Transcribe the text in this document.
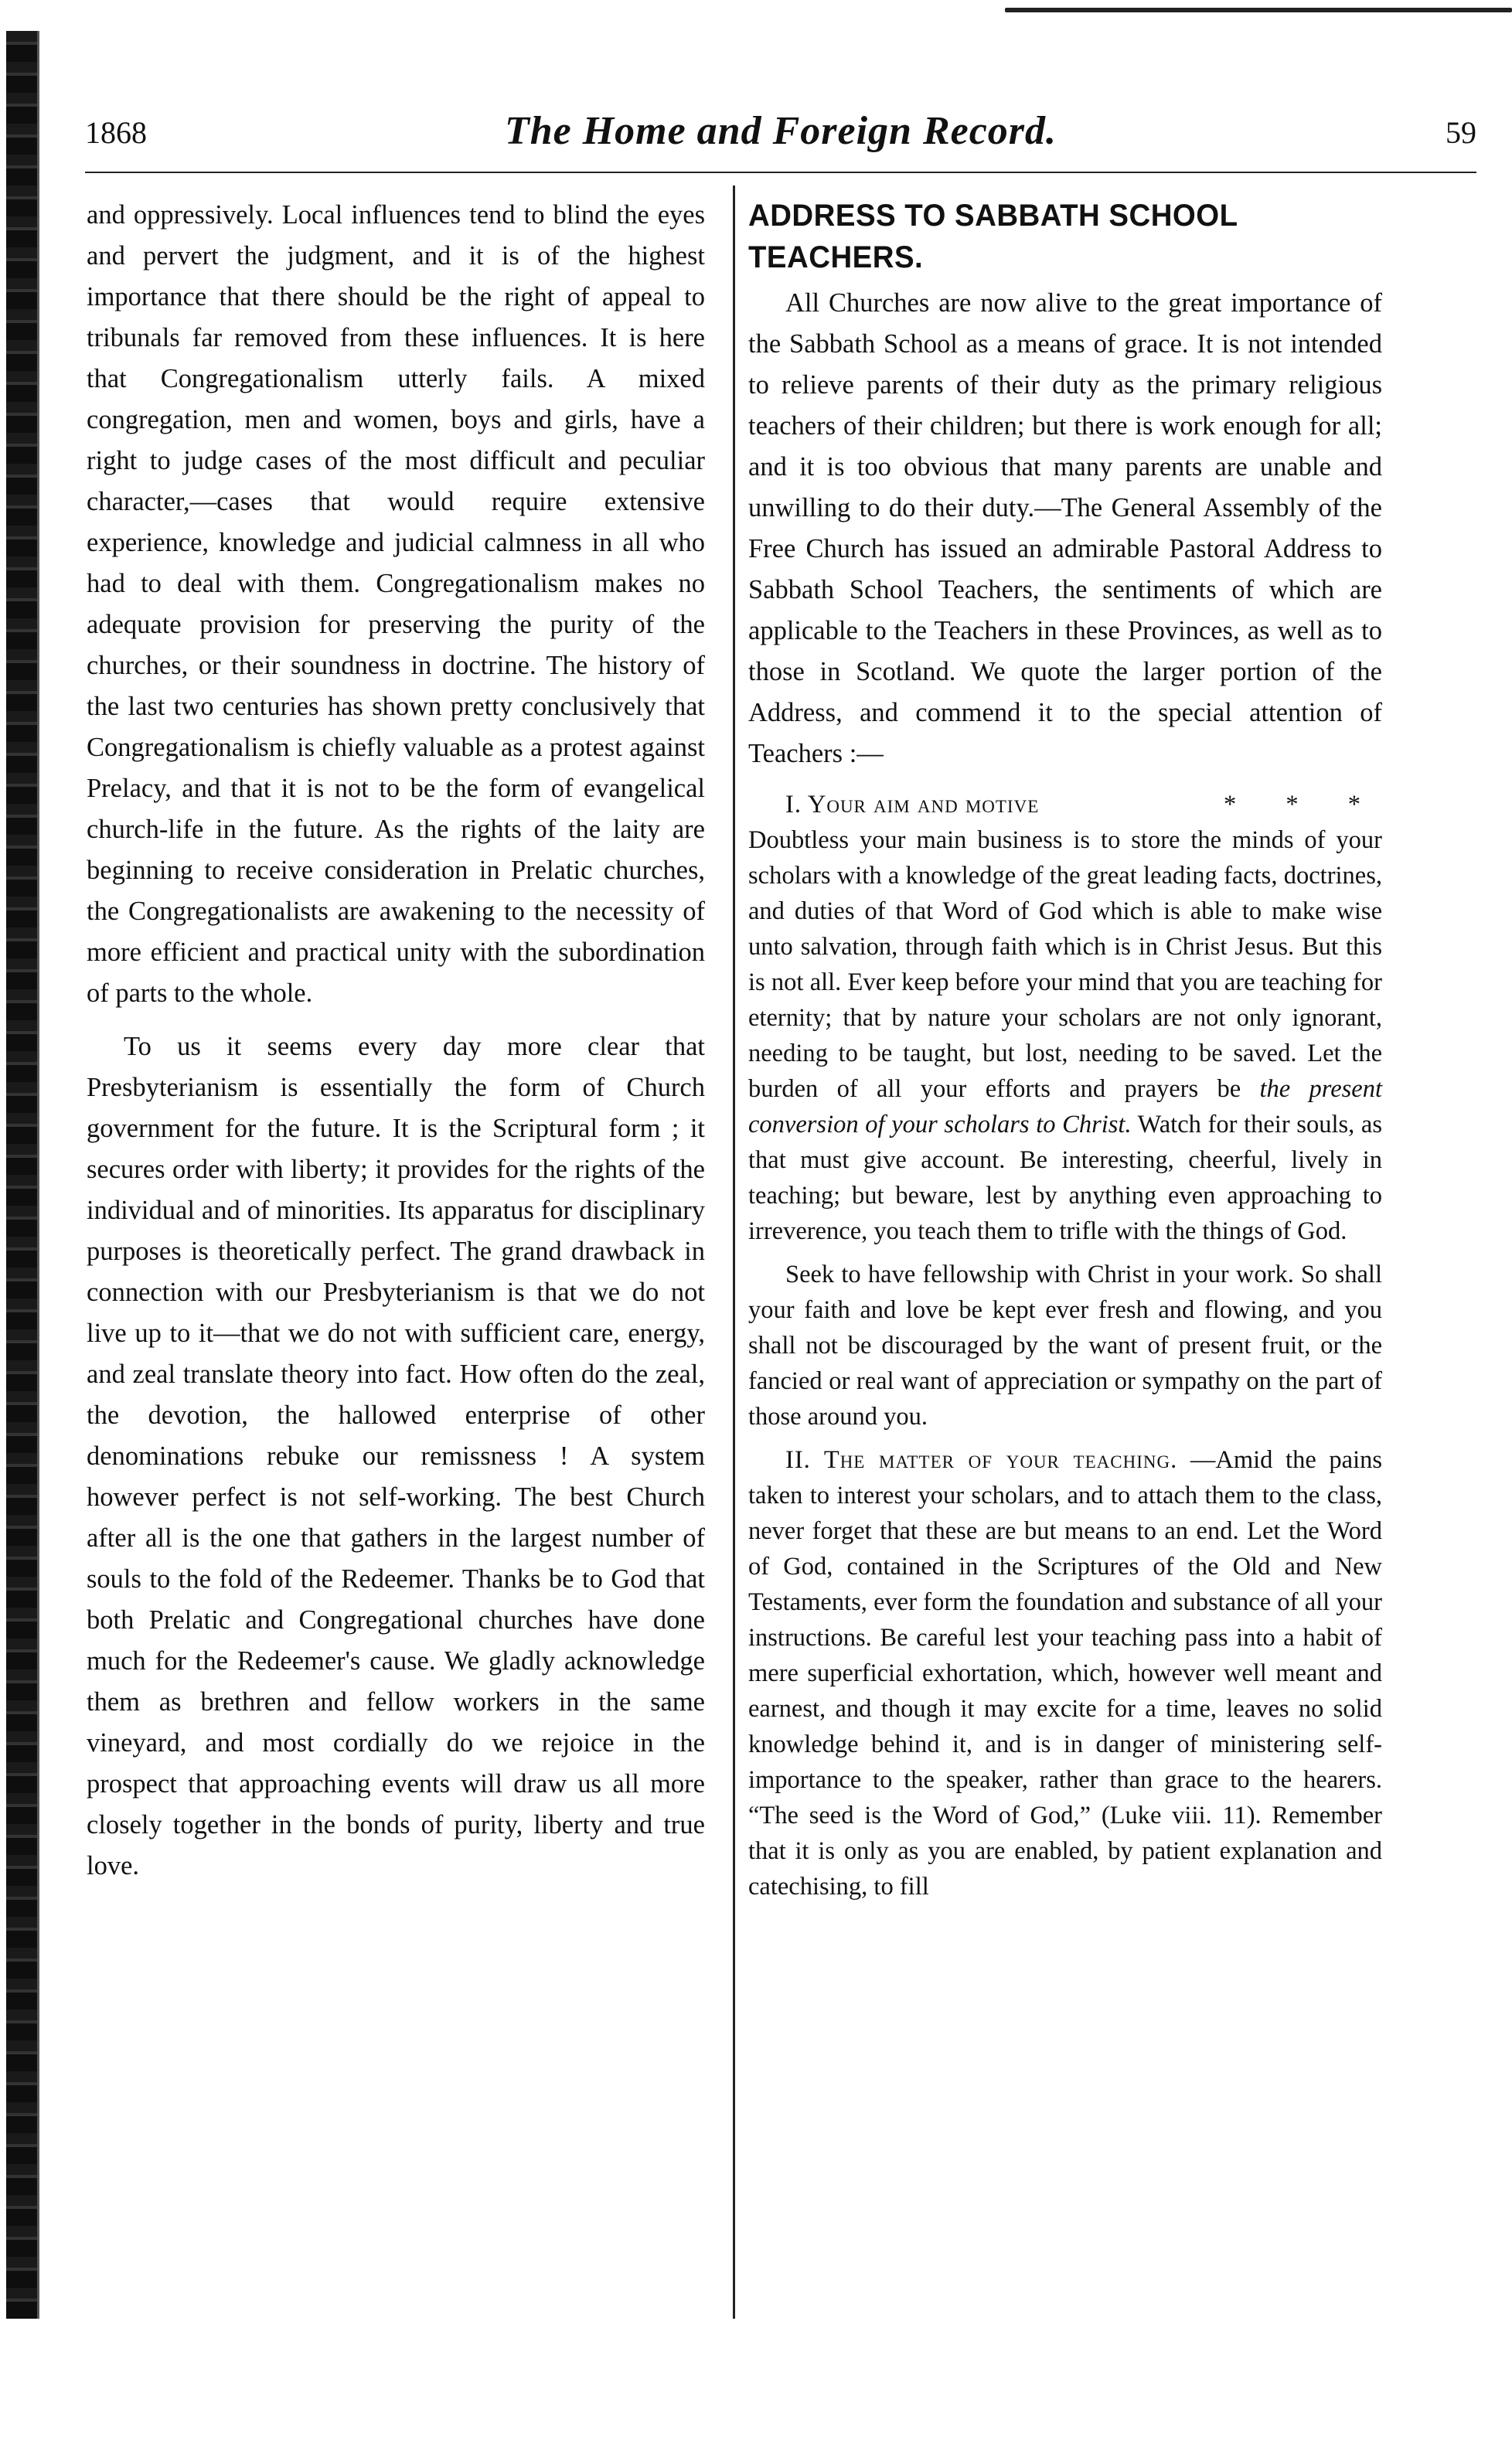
1868	The Home and Foreign Record.	59

and oppressively. Local influences tend to blind the eyes and pervert the judgment, and it is of the highest importance that there should be the right of appeal to tribunals far removed from these influences. It is here that Congregationalism utterly fails. A mixed congregation, men and women, boys and girls, have a right to judge cases of the most difficult and peculiar character,—cases that would require extensive experience, knowledge and judicial calmness in all who had to deal with them. Congregationalism makes no adequate provision for preserving the purity of the churches, or their soundness in doctrine. The history of the last two centuries has shown pretty conclusively that Congregationalism is chiefly valuable as a protest against Prelacy, and that it is not to be the form of evangelical church-life in the future. As the rights of the laity are beginning to receive consideration in Prelatic churches, the Congregationalists are awakening to the necessity of more efficient and practical unity with the subordination of parts to the whole.

To us it seems every day more clear that Presbyterianism is essentially the form of Church government for the future. It is the Scriptural form ; it secures order with liberty; it provides for the rights of the individual and of minorities. Its apparatus for disciplinary purposes is theoretically perfect. The grand drawback in connection with our Presbyterianism is that we do not live up to it—that we do not with sufficient care, energy, and zeal translate theory into fact. How often do the zeal, the devotion, the hallowed enterprise of other denominations rebuke our remissness ! A system however perfect is not self-working. The best Church after all is the one that gathers in the largest number of souls to the fold of the Redeemer. Thanks be to God that both Prelatic and Congregational churches have done much for the Redeemer's cause. We gladly acknowledge them as brethren and fellow workers in the same vineyard, and most cordially do we rejoice in the prospect that approaching events will draw us all more closely together in the bonds of purity, liberty and true love.

ADDRESS TO SABBATH SCHOOL TEACHERS.

All Churches are now alive to the great importance of the Sabbath School as a means of grace. It is not intended to relieve parents of their duty as the primary religious teachers of their children; but there is work enough for all; and it is too obvious that many parents are unable and unwilling to do their duty.—The General Assembly of the Free Church has issued an admirable Pastoral Address to Sabbath School Teachers, the sentiments of which are applicable to the Teachers in these Provinces, as well as to those in Scotland. We quote the larger portion of the Address, and commend it to the special attention of Teachers :—

I. Your aim and motive	* * *

Doubtless your main business is to store the minds of your scholars with a knowledge of the great leading facts, doctrines, and duties of that Word of God which is able to make wise unto salvation, through faith which is in Christ Jesus. But this is not all. Ever keep before your mind that you are teaching for eternity; that by nature your scholars are not only ignorant, needing to be taught, but lost, needing to be saved. Let the burden of all your efforts and prayers be the present conversion of your scholars to Christ. Watch for their souls, as that must give account. Be interesting, cheerful, lively in teaching; but beware, lest by anything even approaching to irreverence, you teach them to trifle with the things of God.

Seek to have fellowship with Christ in your work. So shall your faith and love be kept ever fresh and flowing, and you shall not be discouraged by the want of present fruit, or the fancied or real want of appreciation or sympathy on the part of those around you.

II. The matter of your teaching. —Amid the pains taken to interest your scholars, and to attach them to the class, never forget that these are but means to an end. Let the Word of God, contained in the Scriptures of the Old and New Testaments, ever form the foundation and substance of all your instructions. Be careful lest your teaching pass into a habit of mere superficial exhortation, which, however well meant and earnest, and though it may excite for a time, leaves no solid knowledge behind it, and is in danger of ministering self-importance to the speaker, rather than grace to the hearers. “The seed is the Word of God,” (Luke viii. 11). Remember that it is only as you are enabled, by patient explanation and catechising, to fill
